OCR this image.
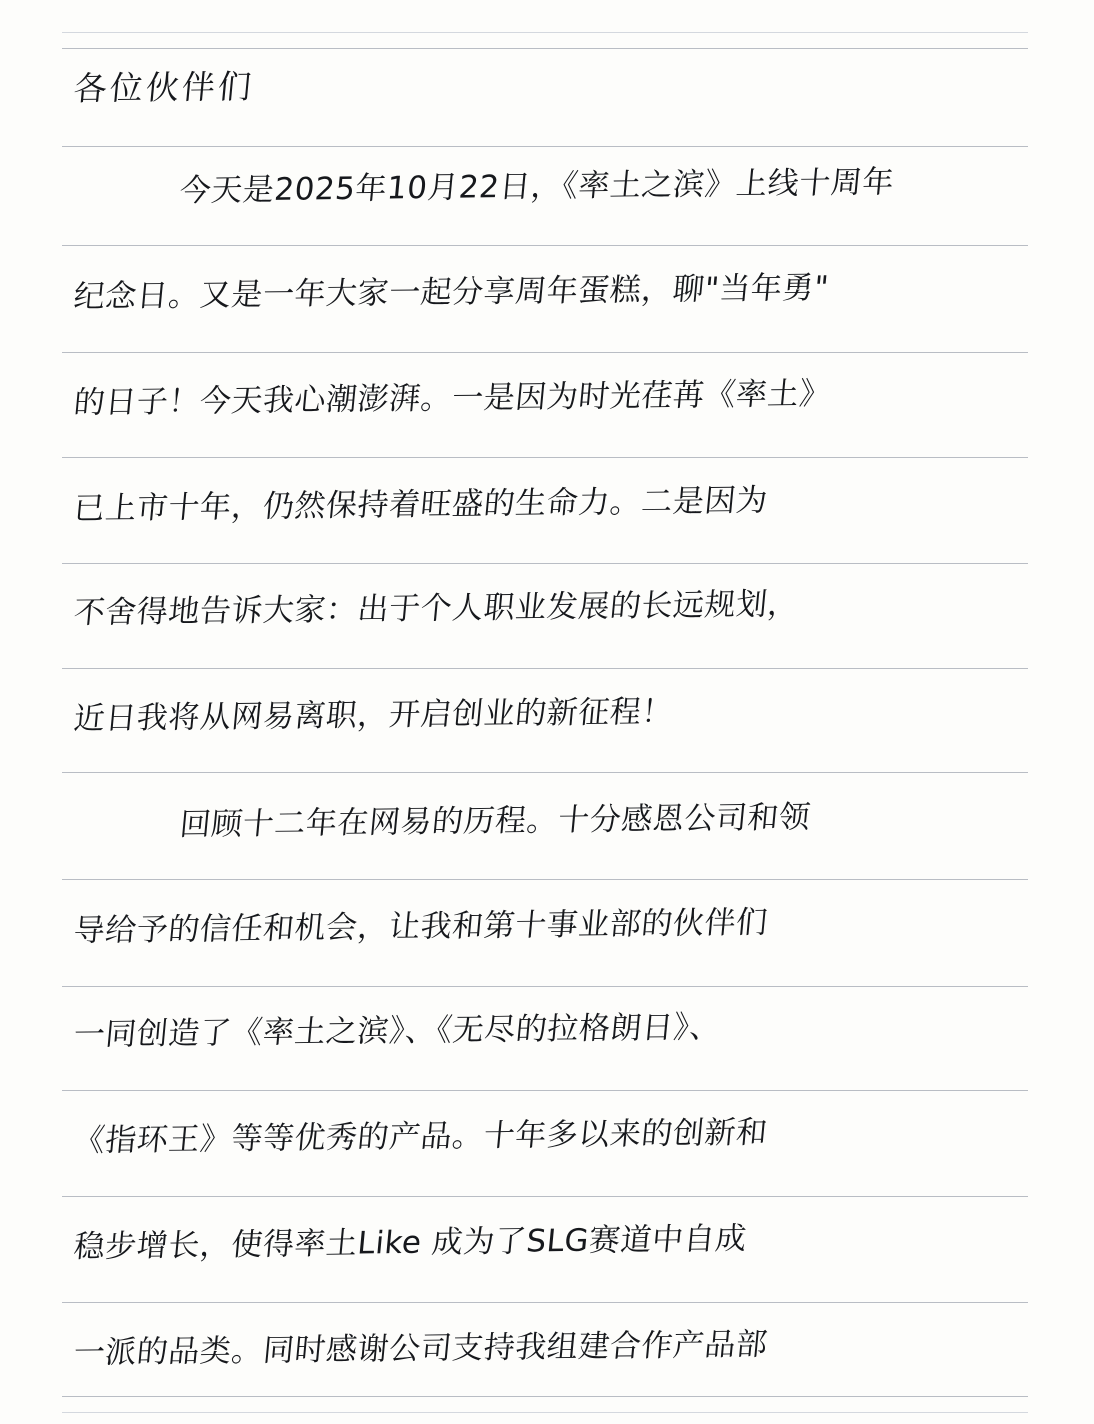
各位伙伴们
今天是2025年10月22日，《率土之滨》上线十周年
纪念日。又是一年大家一起分享周年蛋糕，聊"当年勇"
的日子！今天我心潮澎湃。一是因为时光荏苒《率土》
已上市十年，仍然保持着旺盛的生命力。二是因为
不舍得地告诉大家：出于个人职业发展的长远规划，
近日我将从网易离职，开启创业的新征程！
回顾十二年在网易的历程。十分感恩公司和领
导给予的信任和机会，让我和第十事业部的伙伴们
一同创造了《率土之滨》、《无尽的拉格朗日》、
《指环王》等等优秀的产品。十年多以来的创新和
稳步增长，使得率土Like 成为了SLG赛道中自成
一派的品类。同时感谢公司支持我组建合作产品部
